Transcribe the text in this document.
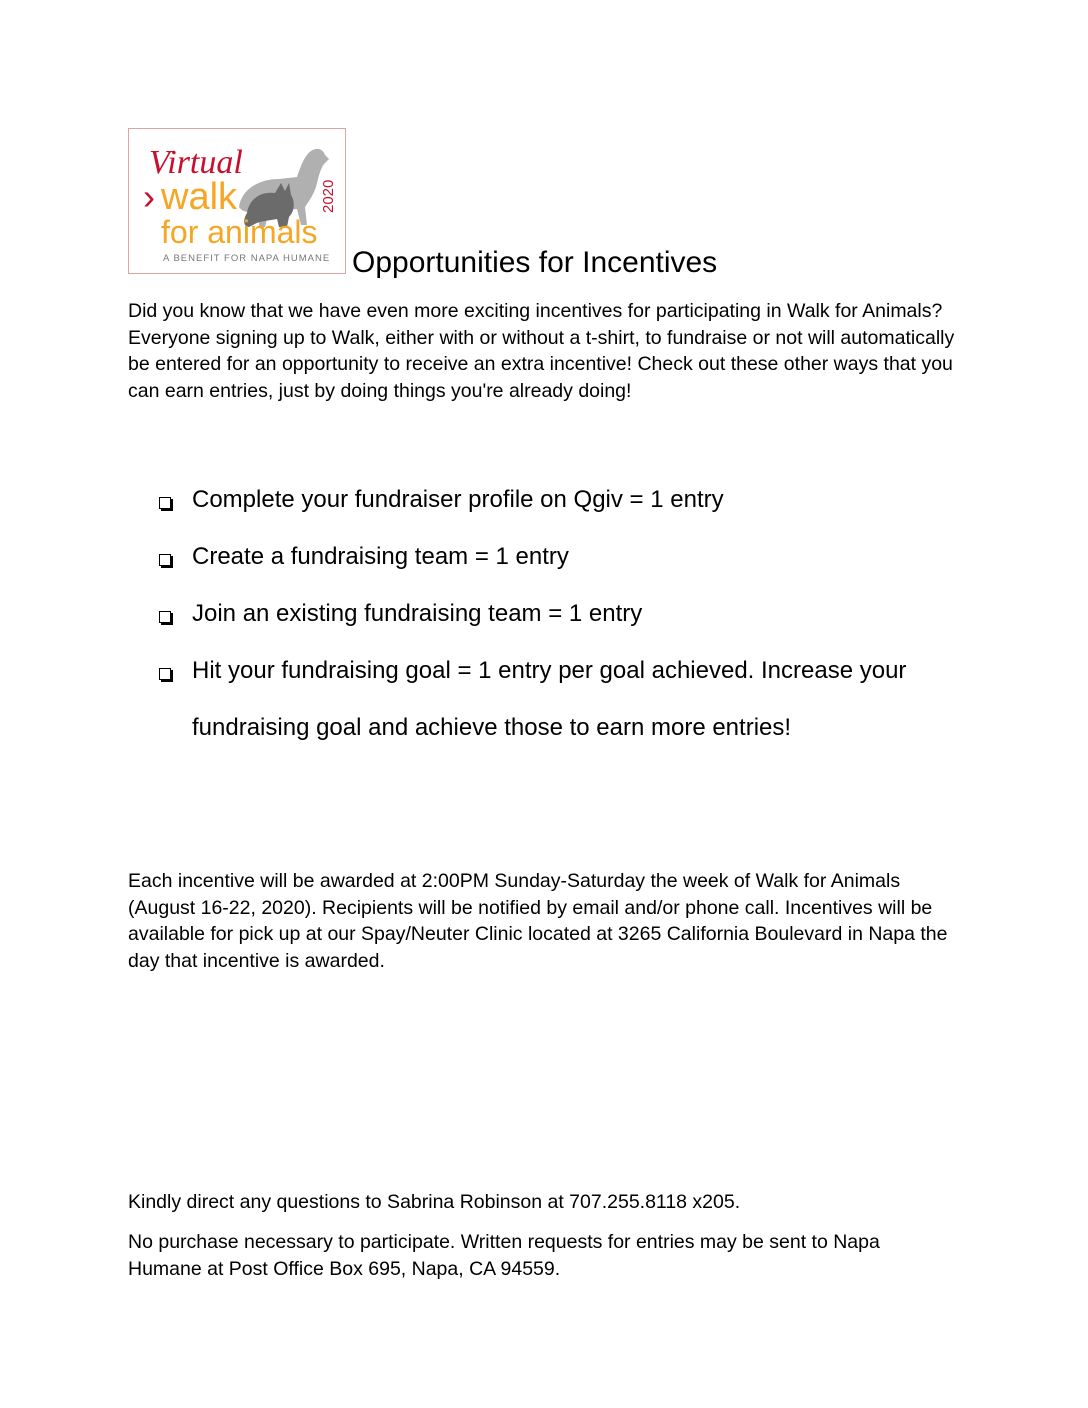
Virtual
› walk
for animals
2020
A BENEFIT FOR NAPA HUMANE Opportunities for Incentives

Did you know that we have even more exciting incentives for participating in Walk for Animals? Everyone signing up to Walk, either with or without a t-shirt, to fundraise or not will automatically be entered for an opportunity to receive an extra incentive! Check out these other ways that you can earn entries, just by doing things you're already doing!

Complete your fundraiser profile on Qgiv = 1 entry
Create a fundraising team = 1 entry
Join an existing fundraising team = 1 entry
Hit your fundraising goal = 1 entry per goal achieved. Increase your fundraising goal and achieve those to earn more entries!

Each incentive will be awarded at 2:00PM Sunday-Saturday the week of Walk for Animals (August 16-22, 2020). Recipients will be notified by email and/or phone call. Incentives will be available for pick up at our Spay/Neuter Clinic located at 3265 California Boulevard in Napa the day that incentive is awarded.

Kindly direct any questions to Sabrina Robinson at 707.255.8118 x205.

No purchase necessary to participate. Written requests for entries may be sent to Napa Humane at Post Office Box 695, Napa, CA 94559.
